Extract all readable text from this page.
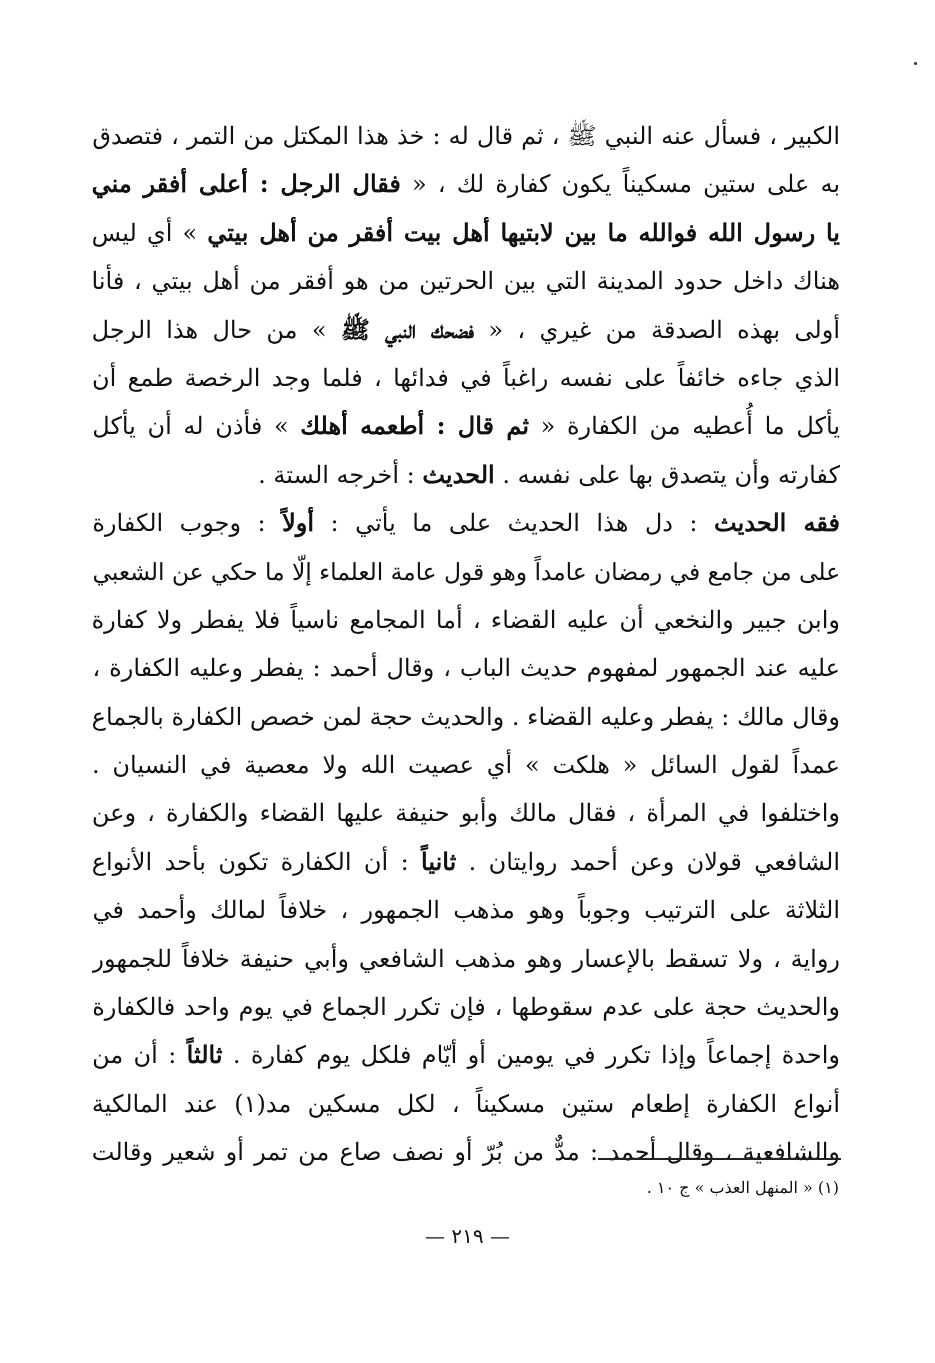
الكبير ، فسأل عنه النبي ﷺ ، ثم قال له : خذ هذا المكتل من التمر ، فتصدق
به على ستين مسكيناً يكون كفارة لك ، « فقال الرجل : أعلى أفقر مني
يا رسول الله فوالله ما بين لابتيها أهل بيت أفقر من أهل بيتي » أي ليس
هناك داخل حدود المدينة التي بين الحرتين من هو أفقر من أهل بيتي ، فأنا
أولى بهذه الصدقة من غيري ، « فضحك النبي ﷺ » من حال هذا الرجل
الذي جاءه خائفاً على نفسه راغباً في فدائها ، فلما وجد الرخصة طمع أن
يأكل ما أُعطيه من الكفارة « ثم قال : أطعمه أهلك » فأذن له أن يأكل
كفارته وأن يتصدق بها على نفسه . الحديث : أخرجه الستة .
فقه الحديث : دل هذا الحديث على ما يأتي : أولاً : وجوب الكفارة
على من جامع في رمضان عامداً وهو قول عامة العلماء إلّا ما حكي عن الشعبي
وابن جبير والنخعي أن عليه القضاء ، أما المجامع ناسياً فلا يفطر ولا كفارة
عليه عند الجمهور لمفهوم حديث الباب ، وقال أحمد : يفطر وعليه الكفارة ،
وقال مالك : يفطر وعليه القضاء . والحديث حجة لمن خصص الكفارة بالجماع
عمداً لقول السائل « هلكت » أي عصيت الله ولا معصية في النسيان .
واختلفوا في المرأة ، فقال مالك وأبو حنيفة عليها القضاء والكفارة ، وعن
الشافعي قولان وعن أحمد روايتان . ثانياً : أن الكفارة تكون بأحد الأنواع
الثلاثة على الترتيب وجوباً وهو مذهب الجمهور ، خلافاً لمالك وأحمد في
رواية ، ولا تسقط بالإعسار وهو مذهب الشافعي وأبي حنيفة خلافاً للجمهور
والحديث حجة على عدم سقوطها ، فإن تكرر الجماع في يوم واحد فالكفارة
واحدة إجماعاً وإذا تكرر في يومين أو أيّام فلكل يوم كفارة . ثالثاً : أن من
أنواع الكفارة إطعام ستين مسكيناً ، لكل مسكين مد(١) عند المالكية
والشافعية ، وقال أحمد : مدٌّ من بُرّ أو نصف صاع من تمر أو شعير وقالت
(١) « المنهل العذب » ج ١٠ .
— ٢١٩ —
